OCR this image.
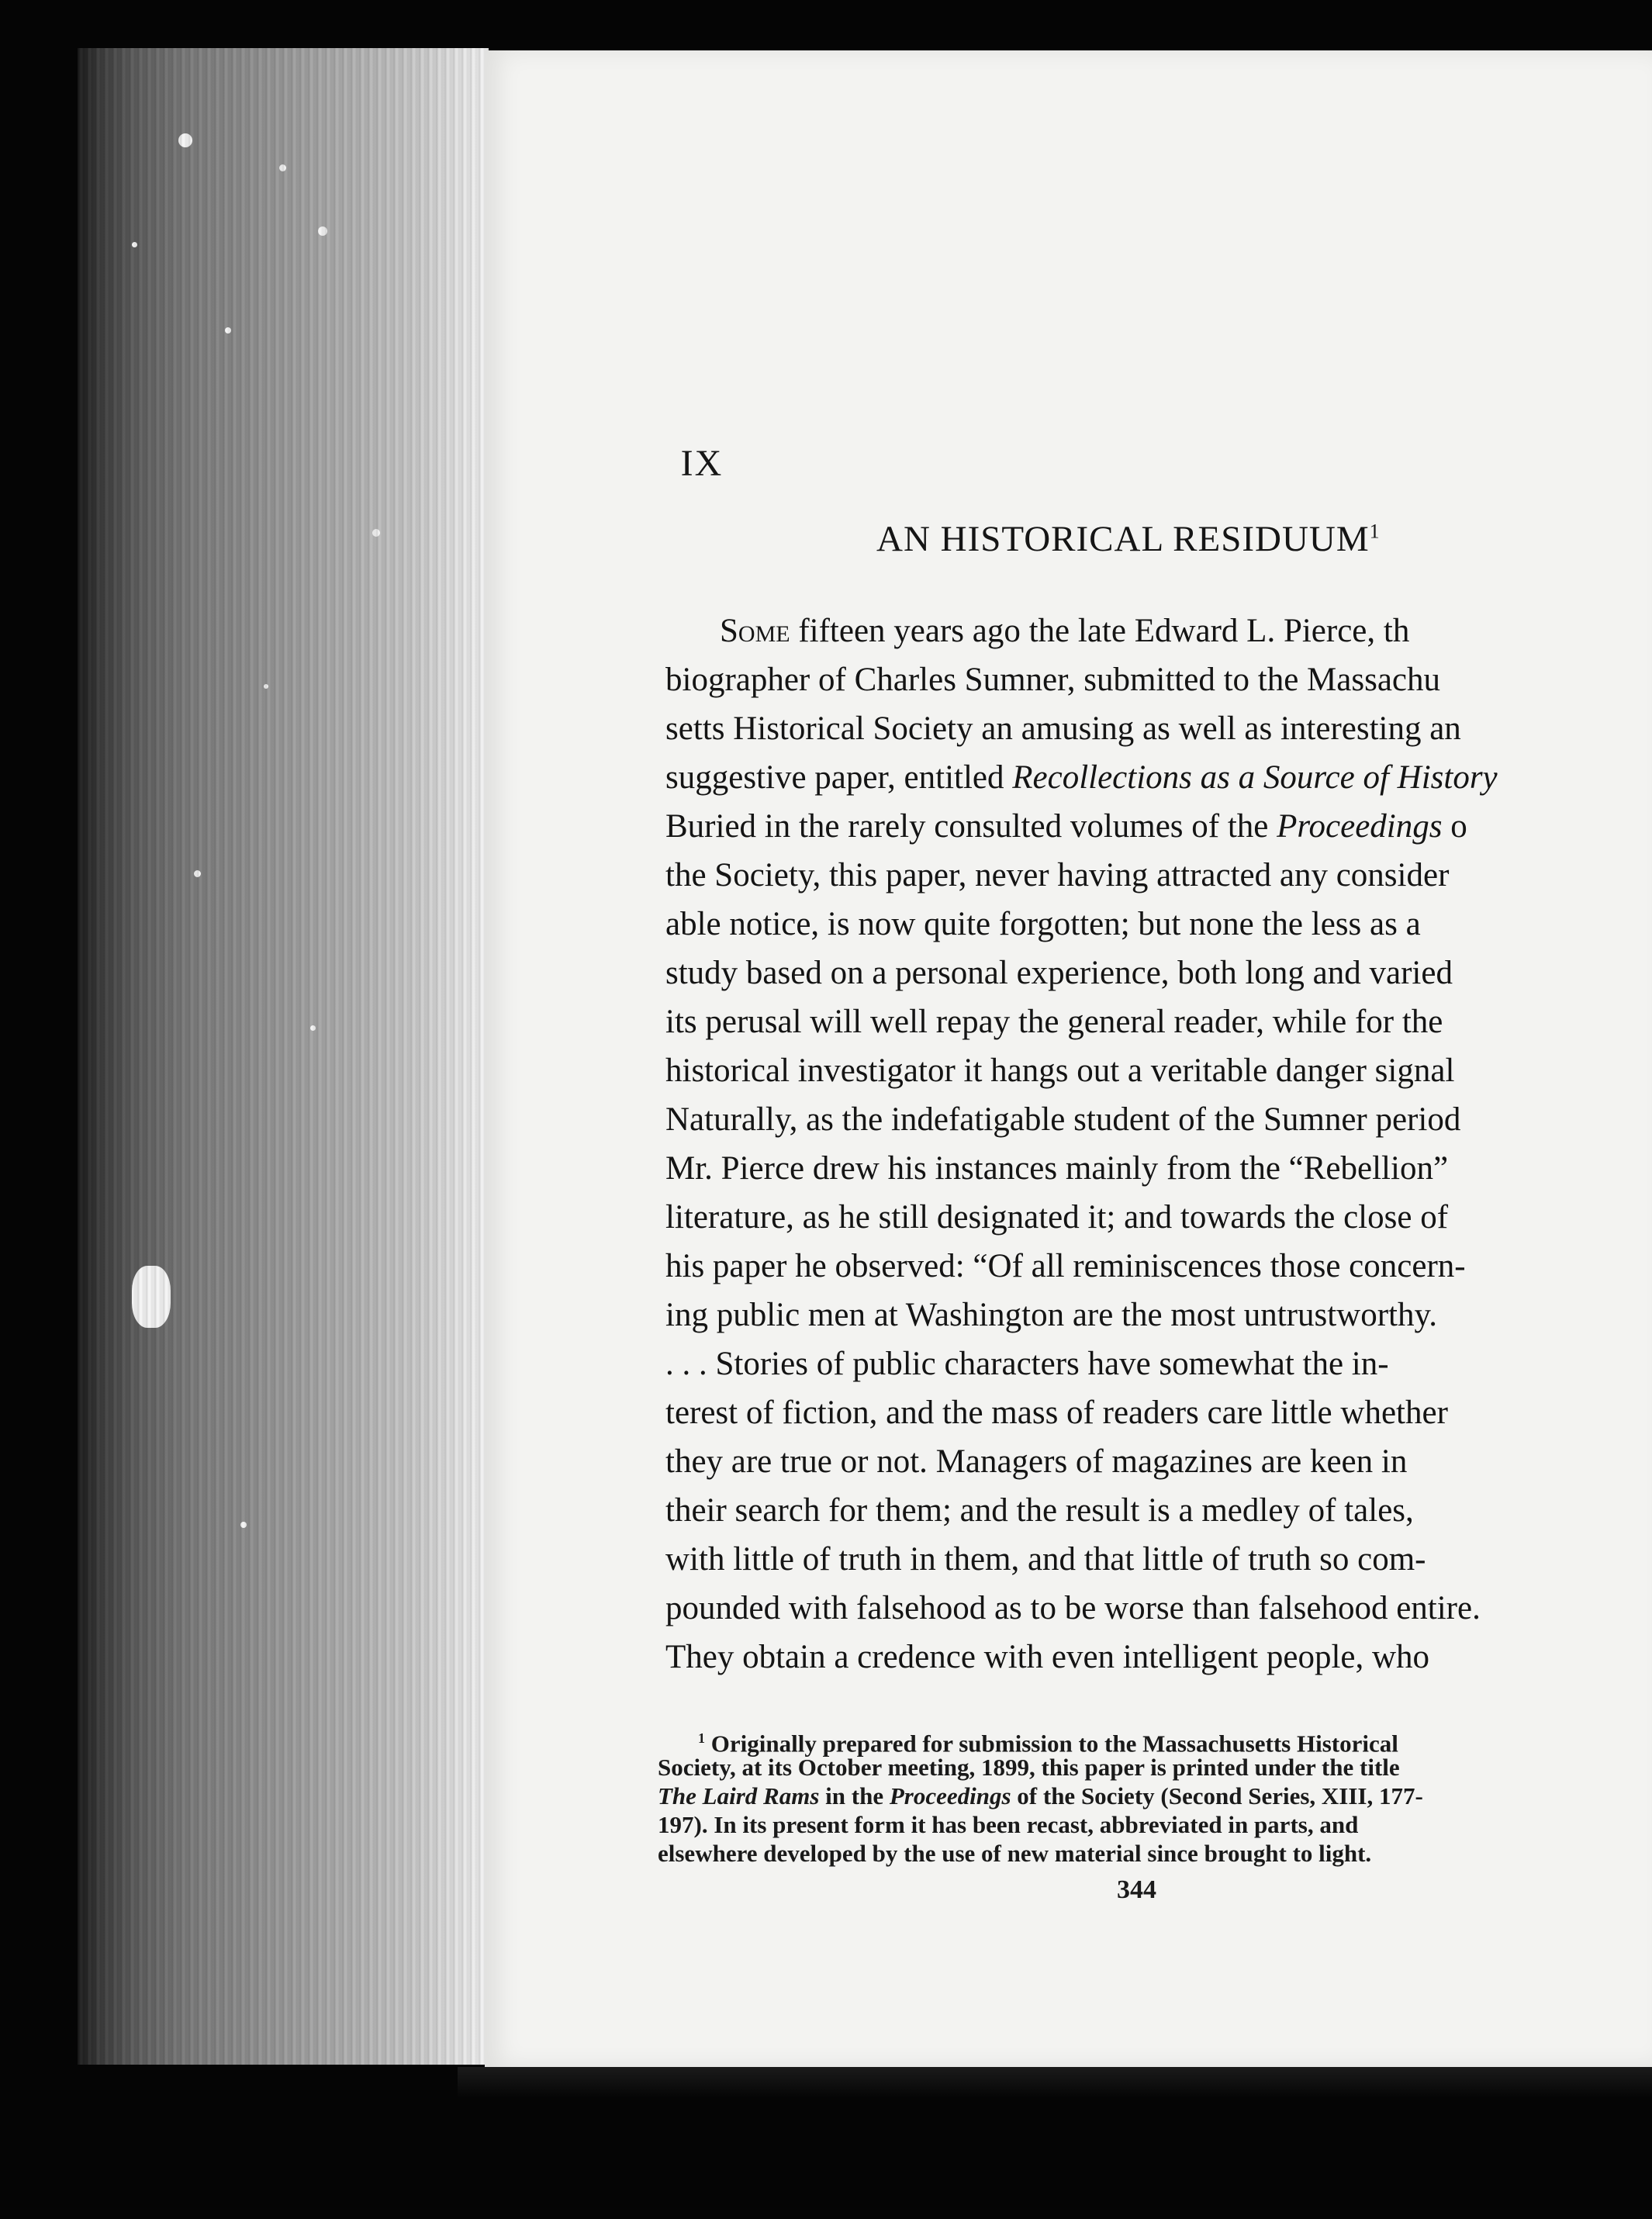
IX
AN HISTORICAL RESIDUUM$^1$
Some fifteen years ago the late Edward L. Pierce, th
biographer of Charles Sumner, submitted to the Massachu
setts Historical Society an amusing as well as interesting an
suggestive paper, entitled Recollections as a Source of History
Buried in the rarely consulted volumes of the Proceedings o
the Society, this paper, never having attracted any consider
able notice, is now quite forgotten; but none the less as a
study based on a personal experience, both long and varied
its perusal will well repay the general reader, while for the
historical investigator it hangs out a veritable danger signal
Naturally, as the indefatigable student of the Sumner period
Mr. Pierce drew his instances mainly from the “Rebellion”
literature, as he still designated it; and towards the close of
his paper he observed: “Of all reminiscences those concern-
ing public men at Washington are the most untrustworthy.
. . . Stories of public characters have somewhat the in-
terest of fiction, and the mass of readers care little whether
they are true or not. Managers of magazines are keen in
their search for them; and the result is a medley of tales,
with little of truth in them, and that little of truth so com-
pounded with falsehood as to be worse than falsehood entire.
They obtain a credence with even intelligent people, who
$^1$ Originally prepared for submission to the Massachusetts Historical
Society, at its October meeting, 1899, this paper is printed under the title
The Laird Rams in the Proceedings of the Society (Second Series, XIII, 177-
197). In its present form it has been recast, abbreviated in parts, and
elsewhere developed by the use of new material since brought to light.

344
